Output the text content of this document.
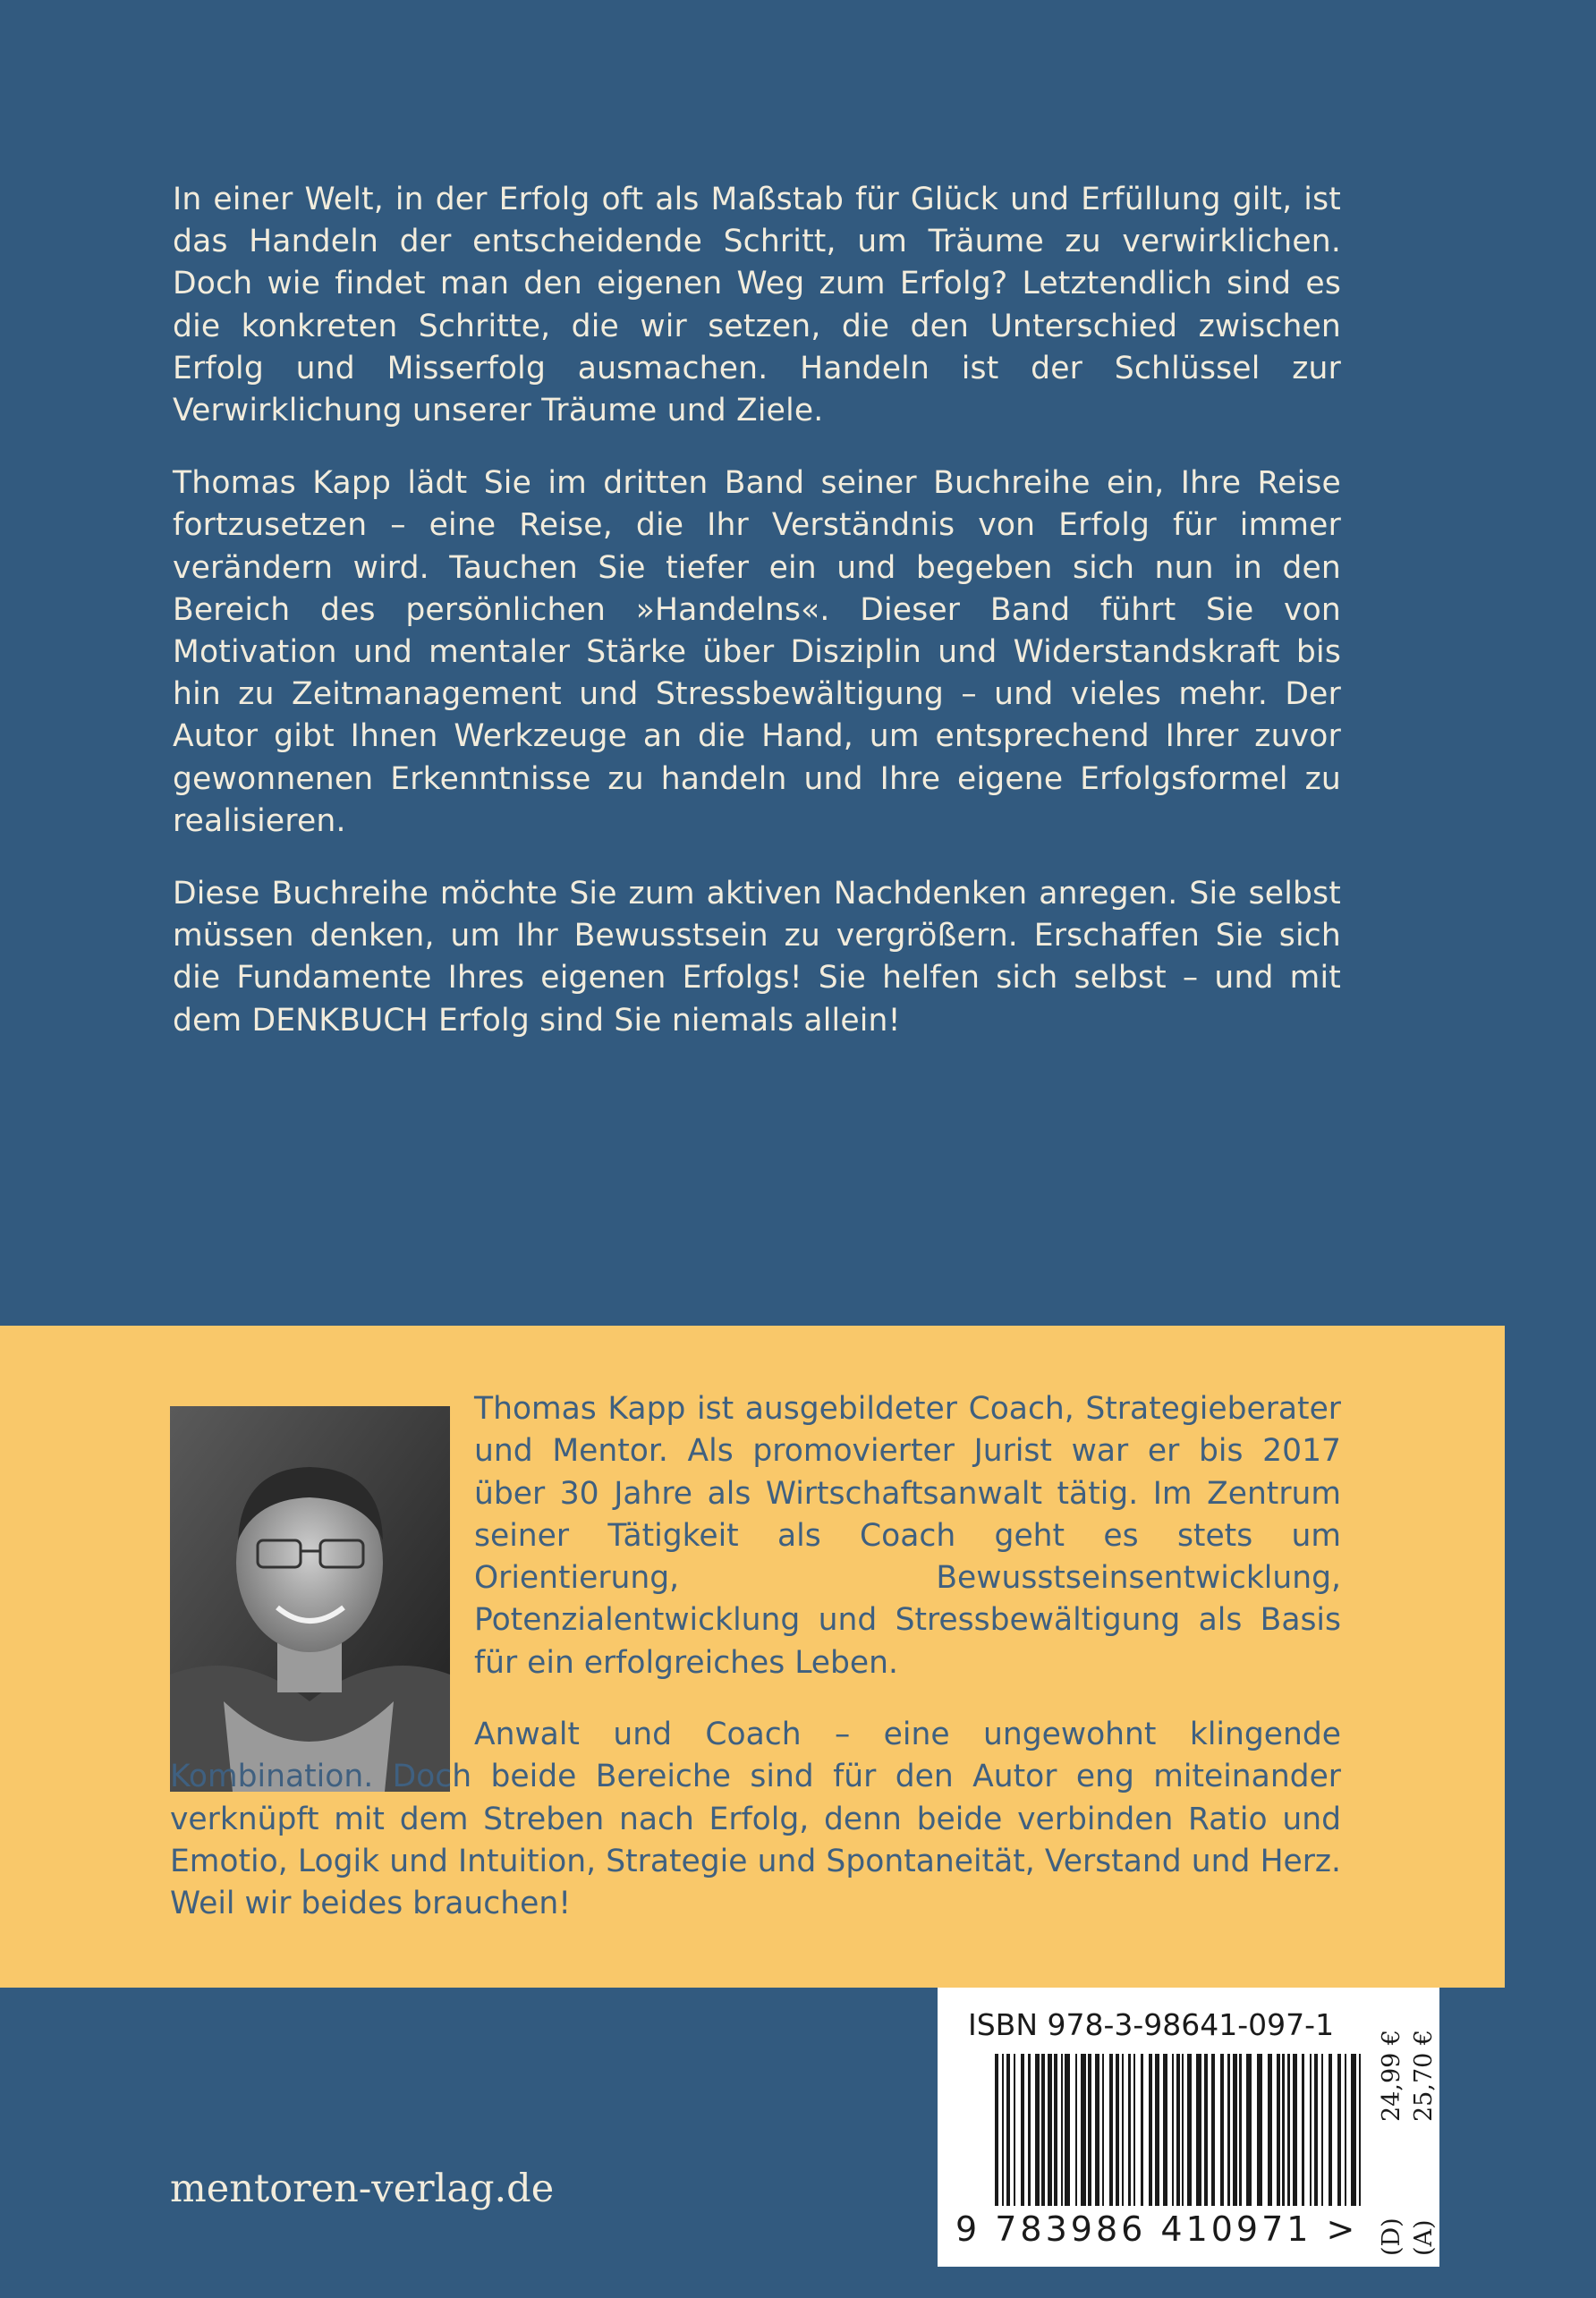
In einer Welt, in der Erfolg oft als Maßstab für Glück und Erfüllung gilt, ist das Handeln der entscheidende Schritt, um Träume zu verwirklichen. Doch wie findet man den eigenen Weg zum Erfolg? Letztendlich sind es die konkreten Schritte, die wir setzen, die den Unterschied zwischen Erfolg und Misserfolg ausmachen. Handeln ist der Schlüssel zur Verwirklichung unserer Träume und Ziele.

Thomas Kapp lädt Sie im dritten Band seiner Buchreihe ein, Ihre Reise fortzusetzen – eine Reise, die Ihr Verständnis von Erfolg für immer verändern wird. Tauchen Sie tiefer ein und begeben sich nun in den Bereich des persönlichen »Handelns«. Dieser Band führt Sie von Motivation und mentaler Stärke über Disziplin und Widerstandskraft bis hin zu Zeitmanagement und Stressbewältigung – und vieles mehr. Der Autor gibt Ihnen Werkzeuge an die Hand, um entsprechend Ihrer zuvor gewonnenen Erkenntnisse zu handeln und Ihre eigene Erfolgsformel zu realisieren.

Diese Buchreihe möchte Sie zum aktiven Nachdenken anregen. Sie selbst müssen denken, um Ihr Bewusstsein zu vergrößern. Erschaffen Sie sich die Fundamente Ihres eigenen Erfolgs! Sie helfen sich selbst – und mit dem DENKBUCH Erfolg sind Sie niemals allein!

Thomas Kapp ist ausgebildeter Coach, Strategieberater und Mentor. Als promovierter Jurist war er bis 2017 über 30 Jahre als Wirtschaftsanwalt tätig. Im Zentrum seiner Tätigkeit als Coach geht es stets um Orientierung, Bewusstseinsentwicklung, Potenzialentwicklung und Stressbewältigung als Basis für ein erfolgreiches Leben.

Anwalt und Coach – eine ungewohnt klingende Kombination. Doch beide Bereiche sind für den Autor eng miteinander verknüpft mit dem Streben nach Erfolg, denn beide verbinden Ratio und Emotio, Logik und Intuition, Strategie und Spontaneität, Verstand und Herz. Weil wir beides brauchen!

mentoren-verlag.de
ISBN 978-3-98641-097-1
9 783986 410971 > (D)
24,99 €
(A)
25,70 €
